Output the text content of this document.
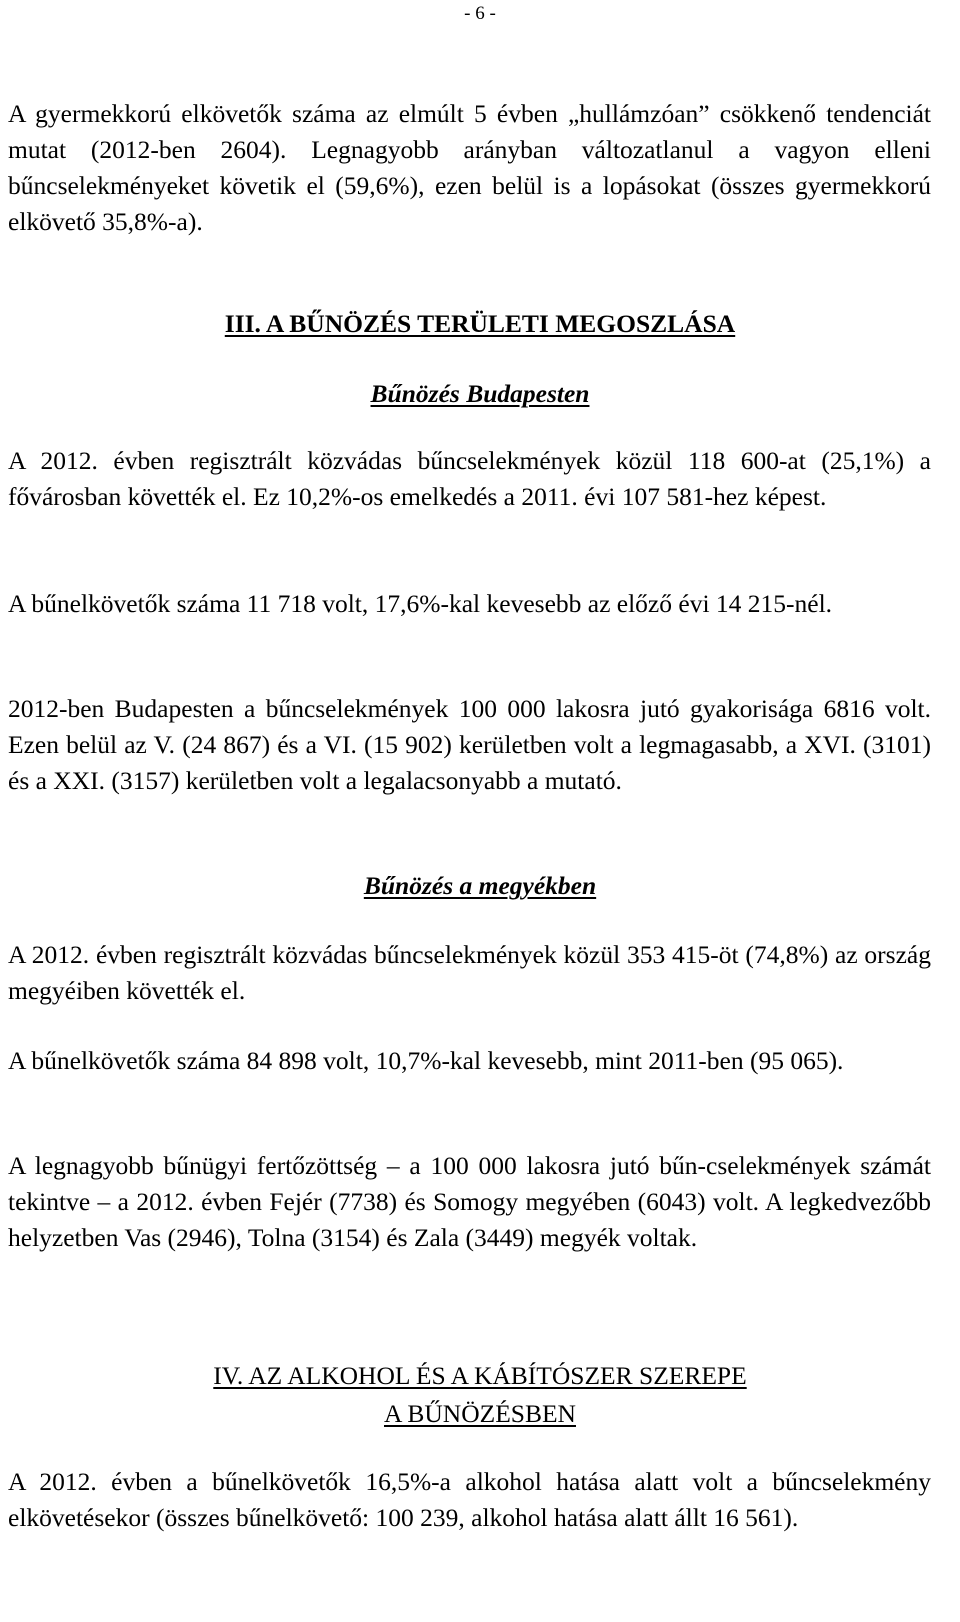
- 6 -

A gyermekkorú elkövetők száma az elmúlt 5 évben „hullámzóan” csökkenő tendenciát mutat (2012-ben 2604). Legnagyobb arányban változatlanul a vagyon elleni bűncselekményeket követik el (59,6%), ezen belül is a lopásokat (összes gyermekkorú elkövető 35,8%-a).

III. A BŰNÖZÉS TERÜLETI MEGOSZLÁSA
Bűnözés Budapesten

A 2012. évben regisztrált közvádas bűncselekmények közül 118 600-at (25,1%) a fővárosban követték el. Ez 10,2%-os emelkedés a 2011. évi 107 581-hez képest.

A bűnelkövetők száma 11 718 volt, 17,6%-kal kevesebb az előző évi 14 215-nél.

2012-ben Budapesten a bűncselekmények 100 000 lakosra jutó gyakorisága 6816 volt. Ezen belül az V. (24 867) és a VI. (15 902) kerületben volt a legmagasabb, a XVI. (3101) és a XXI. (3157) kerületben volt a legalacsonyabb a mutató.

Bűnözés a megyékben

A 2012. évben regisztrált közvádas bűncselekmények közül 353 415-öt (74,8%) az ország megyéiben követték el.

A bűnelkövetők száma 84 898 volt, 10,7%-kal kevesebb, mint 2011-ben (95 065).

A legnagyobb bűnügyi fertőzöttség – a 100 000 lakosra jutó bűn-cselekmények számát tekintve – a 2012. évben Fejér (7738) és Somogy megyében (6043) volt. A legkedvezőbb helyzetben Vas (2946), Tolna (3154) és Zala (3449) megyék voltak.

IV. AZ ALKOHOL ÉS A KÁBÍTÓSZER SZEREPE
A BŰNÖZÉSBEN

A 2012. évben a bűnelkövetők 16,5%-a alkohol hatása alatt volt a bűncselekmény elkövetésekor (összes bűnelkövető: 100 239, alkohol hatása alatt állt 16 561).
